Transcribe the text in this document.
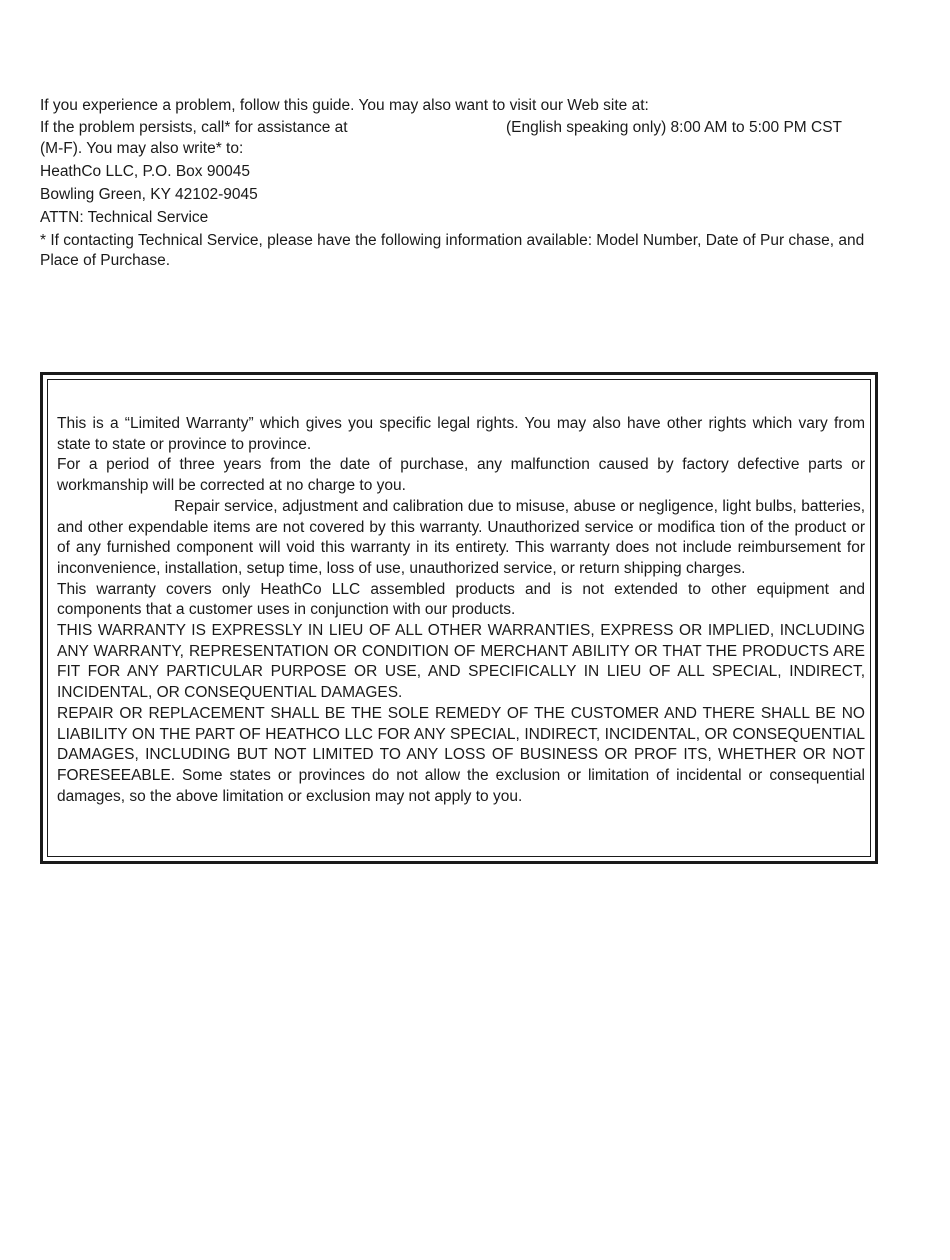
If you experience a problem, follow this guide. You may also want to visit our Web site at:
If the problem persists, call* for assistance at	(English speaking only) 8:00 AM to 5:00 PM CST
(M-F). You may also write* to:
HeathCo LLC, P.O. Box 90045
Bowling Green, KY 42102-9045
ATTN: Technical Service
* If contacting Technical Service, please have the following information available: Model Number, Date of Pur chase, and Place of Purchase.

This is a “Limited Warranty” which gives you specific legal rights. You may also have other rights which vary from state to state or province to province.

For a period of three years from the date of purchase, any malfunction caused by factory defective parts or workmanship will be corrected at no charge to you.

Repair service, adjustment and calibration due to misuse, abuse or negligence, light bulbs, batteries, and other expendable items are not covered by this warranty. Unauthorized service or modifica tion of the product or of any furnished component will void this warranty in its entirety. This warranty does not include reimbursement for inconvenience, installation, setup time, loss of use, unauthorized service, or return shipping charges.

This warranty covers only HeathCo LLC assembled products and is not extended to other equipment and components that a customer uses in conjunction with our products.

THIS WARRANTY IS EXPRESSLY IN LIEU OF ALL OTHER WARRANTIES, EXPRESS OR IMPLIED, INCLUDING ANY WARRANTY, REPRESENTATION OR CONDITION OF MERCHANT ABILITY OR THAT THE PRODUCTS ARE FIT FOR ANY PARTICULAR PURPOSE OR USE, AND SPECIFICALLY IN LIEU OF ALL SPECIAL, INDIRECT, INCIDENTAL, OR CONSEQUENTIAL DAMAGES.

REPAIR OR REPLACEMENT SHALL BE THE SOLE REMEDY OF THE CUSTOMER AND THERE SHALL BE NO LIABILITY ON THE PART OF HEATHCO LLC FOR ANY SPECIAL, INDIRECT, INCIDENTAL, OR CONSEQUENTIAL DAMAGES, INCLUDING BUT NOT LIMITED TO ANY LOSS OF BUSINESS OR PROF ITS, WHETHER OR NOT FORESEEABLE. Some states or provinces do not allow the exclusion or limitation of incidental or consequential damages, so the above limitation or exclusion may not apply to you.
